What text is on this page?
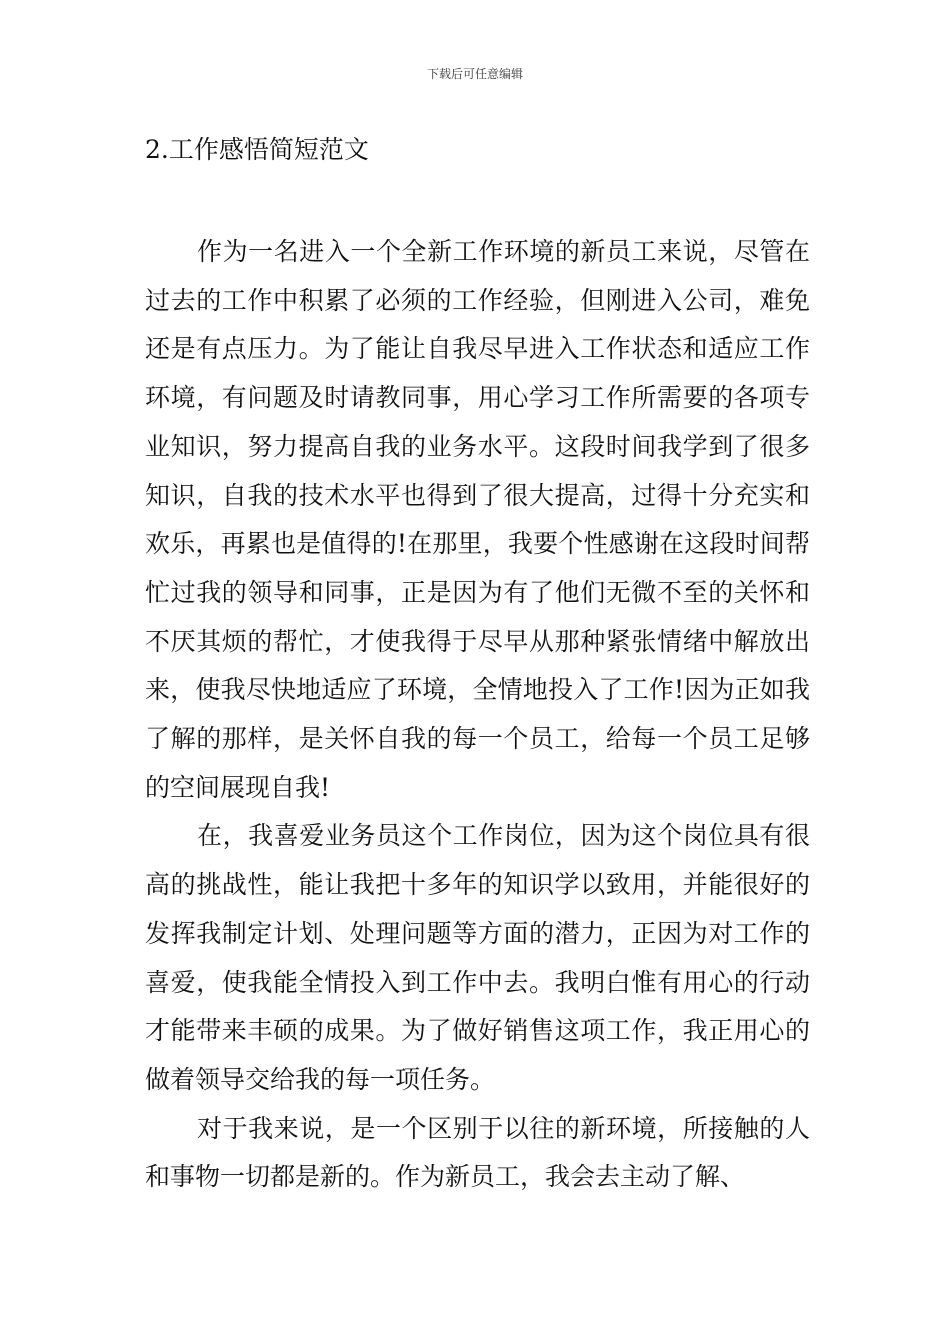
下载后可任意编辑
2.工作感悟简短范文

作为一名进入一个全新工作环境的新员工来说，尽管在过去的工作中积累了必须的工作经验，但刚进入公司，难免还是有点压力。为了能让自我尽早进入工作状态和适应工作环境，有问题及时请教同事，用心学习工作所需要的各项专业知识，努力提高自我的业务水平。这段时间我学到了很多知识，自我的技术水平也得到了很大提高，过得十分充实和欢乐，再累也是值得的!在那里，我要个性感谢在这段时间帮忙过我的领导和同事，正是因为有了他们无微不至的关怀和不厌其烦的帮忙，才使我得于尽早从那种紧张情绪中解放出来，使我尽快地适应了环境，全情地投入了工作!因为正如我了解的那样，是关怀自我的每一个员工，给每一个员工足够的空间展现自我!

在，我喜爱业务员这个工作岗位，因为这个岗位具有很高的挑战性，能让我把十多年的知识学以致用，并能很好的发挥我制定计划、处理问题等方面的潜力，正因为对工作的喜爱，使我能全情投入到工作中去。我明白惟有用心的行动才能带来丰硕的成果。为了做好销售这项工作，我正用心的做着领导交给我的每一项任务。

对于我来说，是一个区别于以往的新环境，所接触的人和事物一切都是新的。作为新员工，我会去主动了解、
